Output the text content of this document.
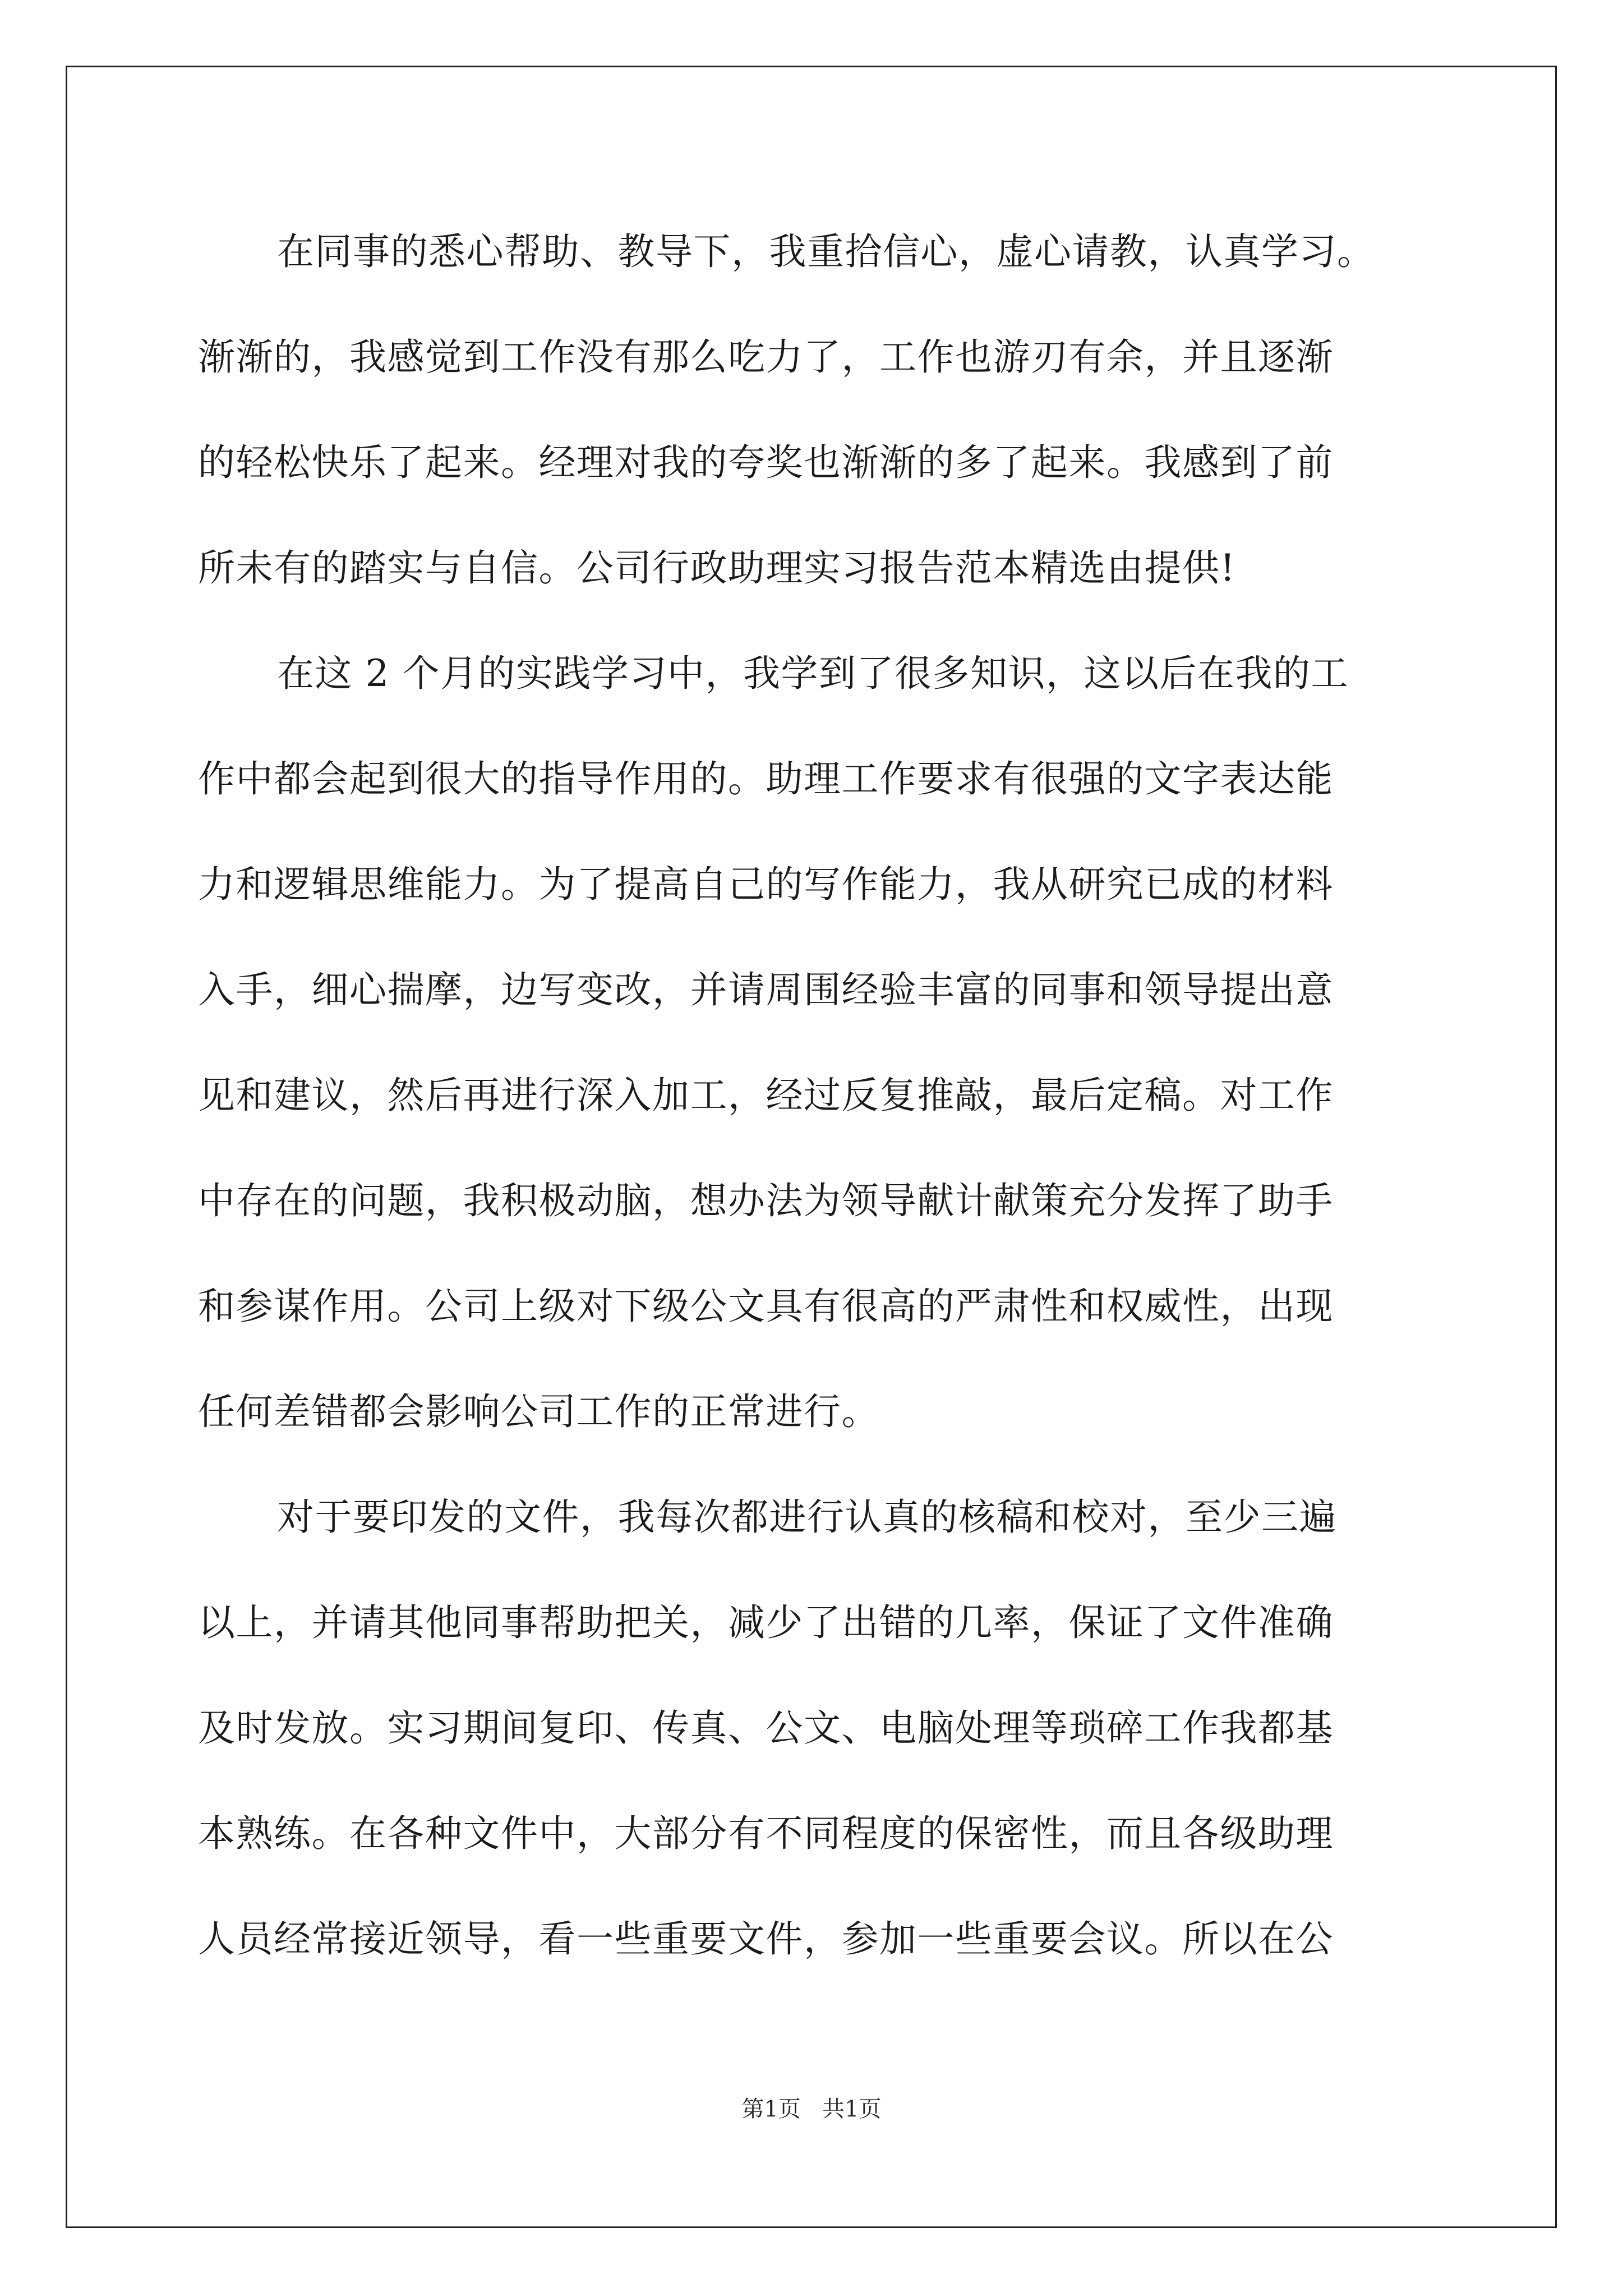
在同事的悉心帮助、教导下，我重拾信心，虚心请教，认真学习。
渐渐的，我感觉到工作没有那么吃力了，工作也游刃有余，并且逐渐
的轻松快乐了起来。经理对我的夸奖也渐渐的多了起来。我感到了前
所未有的踏实与自信。公司行政助理实习报告范本精选由提供!
在这 2 个月的实践学习中，我学到了很多知识，这以后在我的工
作中都会起到很大的指导作用的。助理工作要求有很强的文字表达能
力和逻辑思维能力。为了提高自己的写作能力，我从研究已成的材料
入手，细心揣摩，边写变改，并请周围经验丰富的同事和领导提出意
见和建议，然后再进行深入加工，经过反复推敲，最后定稿。对工作
中存在的问题，我积极动脑，想办法为领导献计献策充分发挥了助手
和参谋作用。公司上级对下级公文具有很高的严肃性和权威性，出现
任何差错都会影响公司工作的正常进行。
对于要印发的文件，我每次都进行认真的核稿和校对，至少三遍
以上，并请其他同事帮助把关，减少了出错的几率，保证了文件准确
及时发放。实习期间复印、传真、公文、电脑处理等琐碎工作我都基
本熟练。在各种文件中，大部分有不同程度的保密性，而且各级助理
人员经常接近领导，看一些重要文件，参加一些重要会议。所以在公
第1页   共1页
